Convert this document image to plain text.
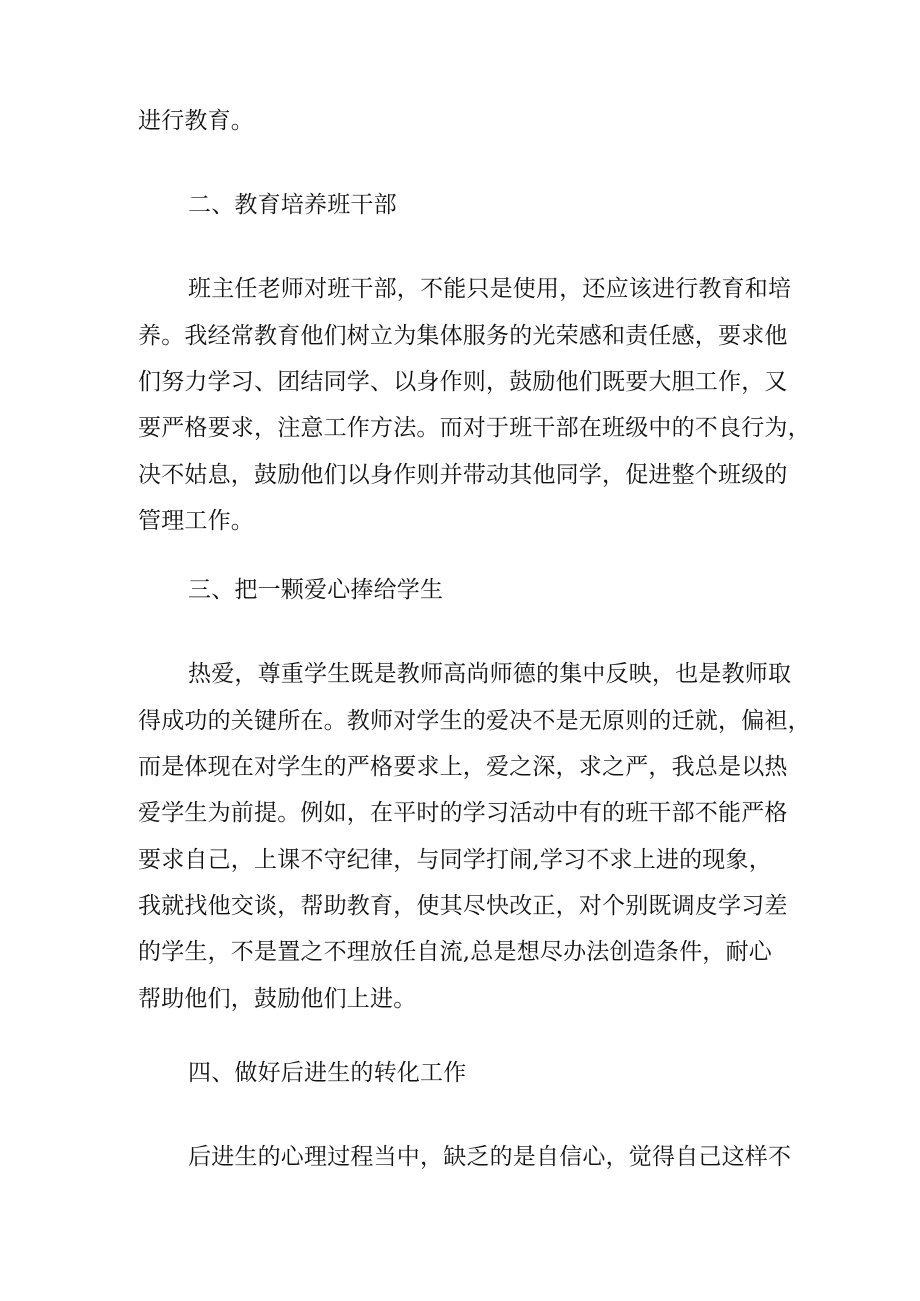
进行教育。
二、教育培养班干部
班主任老师对班干部，不能只是使用，还应该进行教育和培
养。我经常教育他们树立为集体服务的光荣感和责任感，要求他
们努力学习、团结同学、以身作则，鼓励他们既要大胆工作，又
要严格要求，注意工作方法。而对于班干部在班级中的不良行为，
决不姑息，鼓励他们以身作则并带动其他同学，促进整个班级的
管理工作。
三、把一颗爱心捧给学生
热爱，尊重学生既是教师高尚师德的集中反映，也是教师取
得成功的关键所在。教师对学生的爱决不是无原则的迁就，偏袒，
而是体现在对学生的严格要求上，爱之深，求之严，我总是以热
爱学生为前提。例如，在平时的学习活动中有的班干部不能严格
要求自己，上课不守纪律，与同学打闹,学习不求上进的现象，
我就找他交谈，帮助教育，使其尽快改正，对个别既调皮学习差
的学生，不是置之不理放任自流,总是想尽办法创造条件，耐心
帮助他们，鼓励他们上进。
四、做好后进生的转化工作
后进生的心理过程当中，缺乏的是自信心，觉得自己这样不
